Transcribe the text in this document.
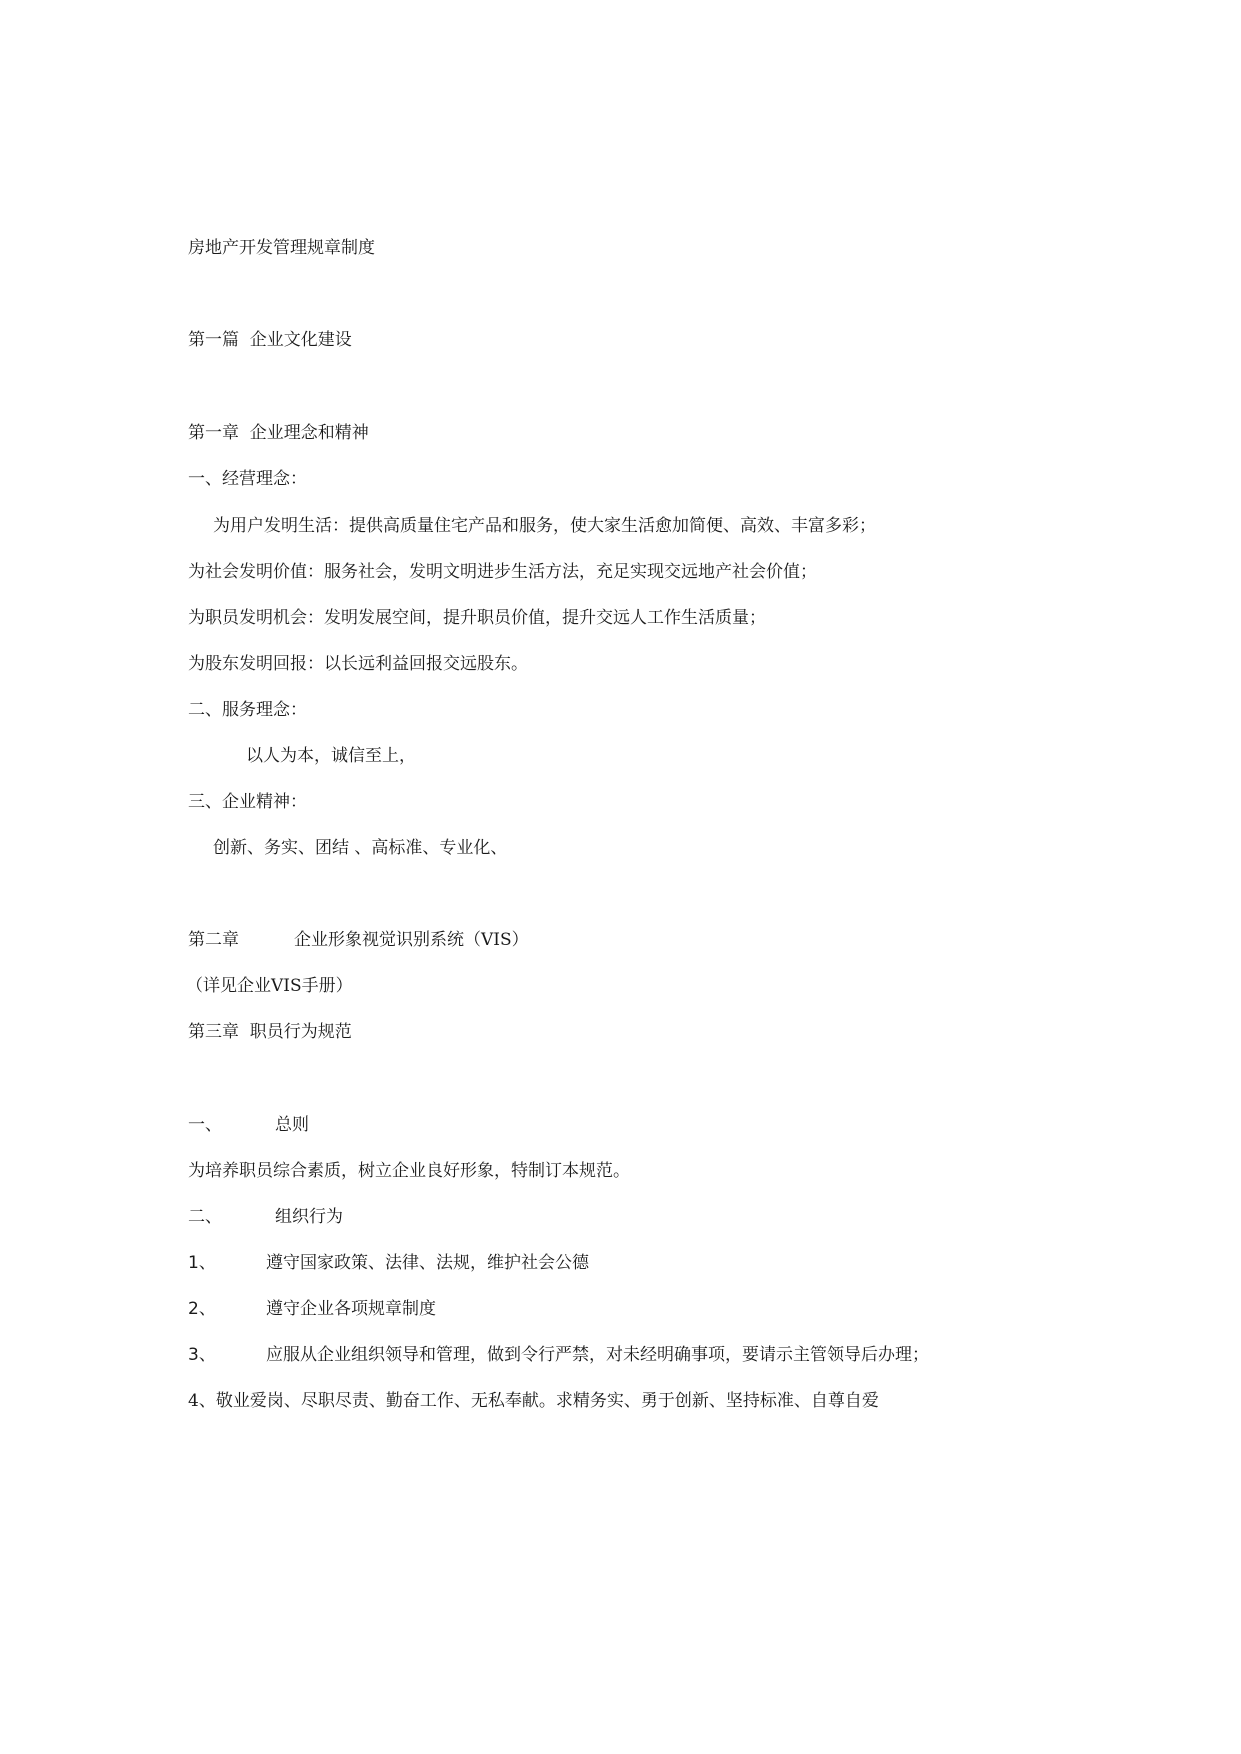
房地产开发管理规章制度
第一篇  企业文化建设
第一章  企业理念和精神
一、经营理念：
为用户发明生活：提供高质量住宅产品和服务，使大家生活愈加简便、高效、丰富多彩；
为社会发明价值：服务社会，发明文明进步生活方法，充足实现交远地产社会价值；
为职员发明机会：发明发展空间，提升职员价值，提升交远人工作生活质量；
为股东发明回报：以长远利益回报交远股东。
二、服务理念：
以人为本，诚信至上，
三、企业精神：
创新、务实、团结 、高标准、专业化、
第二章	企业形象视觉识别系统（VIS）
（详见企业VIS手册）
第三章  职员行为规范
一、	总则
为培养职员综合素质，树立企业良好形象，特制订本规范。
二、	组织行为
1、	遵守国家政策、法律、法规，维护社会公德
2、	遵守企业各项规章制度
3、	应服从企业组织领导和管理，做到令行严禁，对未经明确事项，要请示主管领导后办理；
4、敬业爱岗、尽职尽责、勤奋工作、无私奉献。求精务实、勇于创新、坚持标准、自尊自爱
